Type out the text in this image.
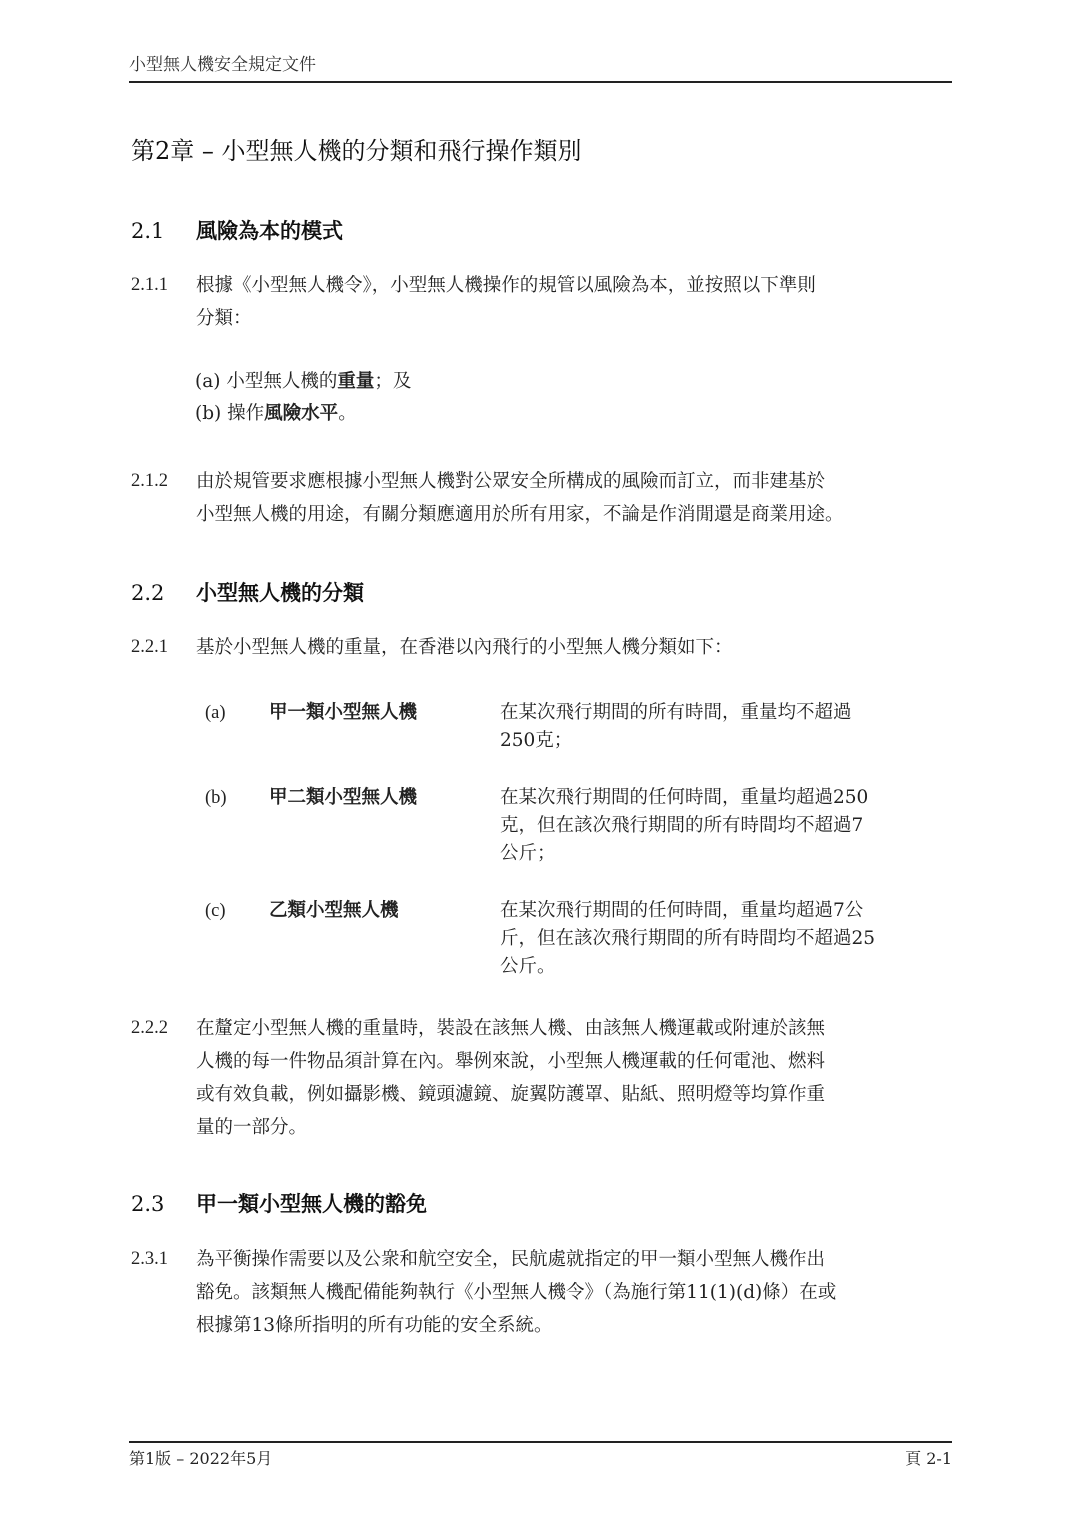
小型無人機安全規定文件
第2章 – 小型無人機的分類和飛行操作類別
2.1 風險為本的模式
2.1.1 根據《小型無人機令》，小型無人機操作的規管以風險為本，並按照以下準則
分類：
(a) 小型無人機的重量；及
(b) 操作風險水平。
2.1.2 由於規管要求應根據小型無人機對公眾安全所構成的風險而訂立，而非建基於
小型無人機的用途，有關分類應適用於所有用家，不論是作消閒還是商業用途。
2.2 小型無人機的分類
2.2.1 基於小型無人機的重量，在香港以內飛行的小型無人機分類如下：
(a) 甲一類小型無人機	在某次飛行期間的所有時間，重量均不超過
250克；
(b) 甲二類小型無人機	在某次飛行期間的任何時間，重量均超過250
克，但在該次飛行期間的所有時間均不超過7
公斤；
(c) 乙類小型無人機	在某次飛行期間的任何時間，重量均超過7公
斤，但在該次飛行期間的所有時間均不超過25
公斤。
2.2.2 在釐定小型無人機的重量時，裝設在該無人機、由該無人機運載或附連於該無
人機的每一件物品須計算在內。舉例來說，小型無人機運載的任何電池、燃料
或有效負載，例如攝影機、鏡頭濾鏡、旋翼防護罩、貼紙、照明燈等均算作重
量的一部分。
2.3 甲一類小型無人機的豁免
2.3.1 為平衡操作需要以及公衆和航空安全，民航處就指定的甲一類小型無人機作出
豁免。該類無人機配備能夠執行《小型無人機令》（為施行第11(1)(d)條）在或
根據第13條所指明的所有功能的安全系統。
第1版 – 2022年5月	頁 2-1
